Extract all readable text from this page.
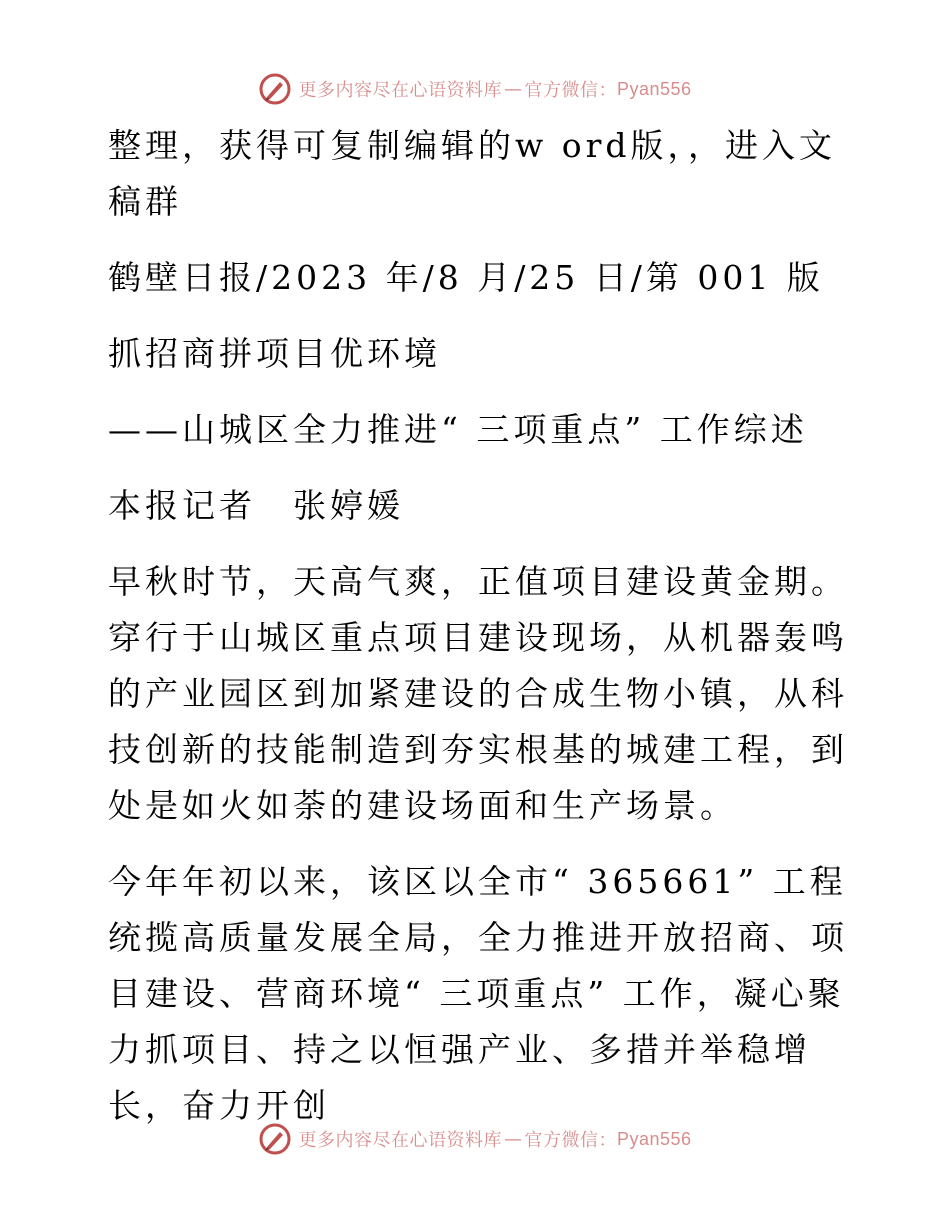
更多内容尽在心语资料库 — 官方微信： Pyan556

整理，获得可复制编辑的w ord版，，进入文稿群

鹤壁日报/2023 年/8 月/25 日/第 001 版

抓招商拼项目优环境

——山城区全力推进“ 三项重点” 工作综述

本报记者　张婷媛

早秋时节，天高气爽，正值项目建设黄金期。穿行于山城区重点项目建设现场，从机器轰鸣的产业园区到加紧建设的合成生物小镇，从科技创新的技能制造到夯实根基的城建工程，到处是如火如荼的建设场面和生产场景。

今年年初以来，该区以全市“ 365661” 工程统揽高质量发展全局，全力推进开放招商、项目建设、营商环境“ 三项重点” 工作，凝心聚力抓项目、持之以恒强产业、多措并举稳增长，奋力开创

更多内容尽在心语资料库 — 官方微信： Pyan556
